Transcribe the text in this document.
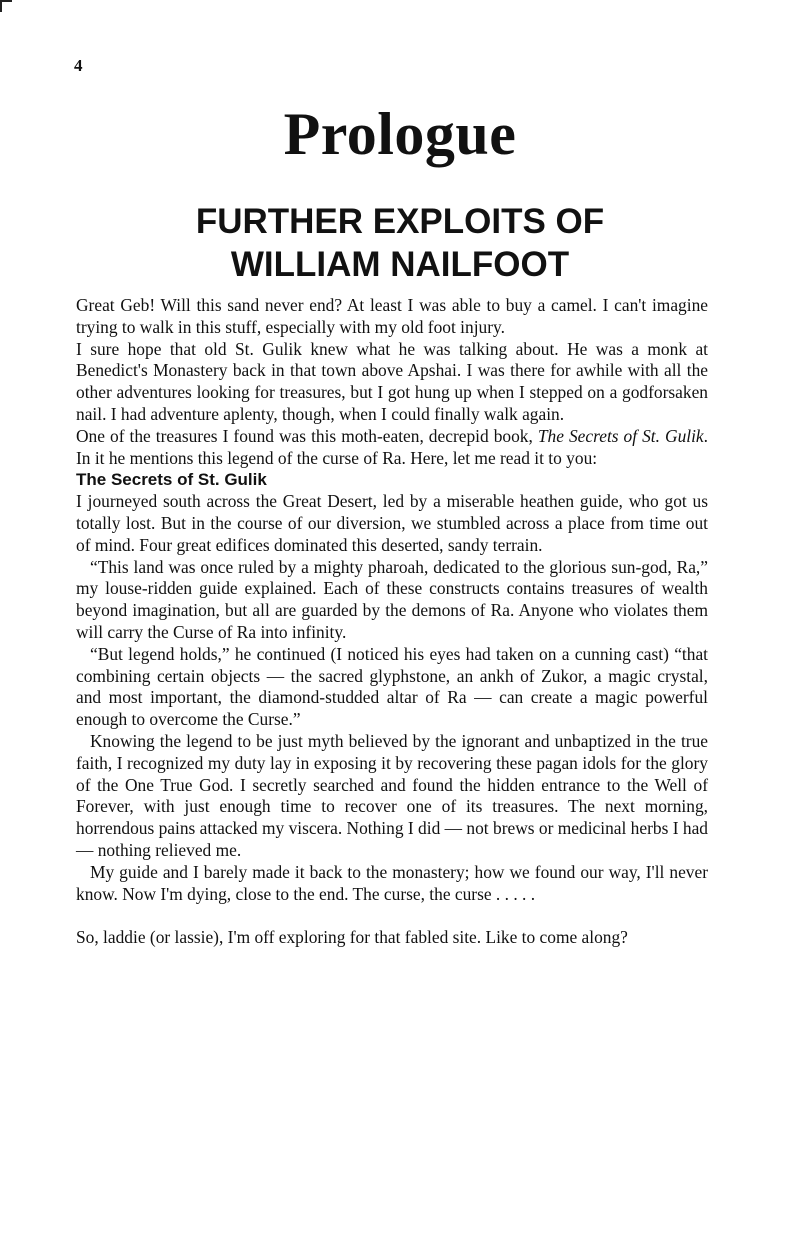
4
Prologue
FURTHER EXPLOITS OF
WILLIAM NAILFOOT

Great Geb! Will this sand never end? At least I was able to buy a camel. I can't imagine trying to walk in this stuff, especially with my old foot injury.

I sure hope that old St. Gulik knew what he was talking about. He was a monk at Benedict's Monastery back in that town above Apshai. I was there for awhile with all the other adventures looking for treasures, but I got hung up when I stepped on a godforsaken nail. I had adventure aplenty, though, when I could finally walk again.

One of the treasures I found was this moth-eaten, decrepid book, The Secrets of St. Gulik. In it he mentions this legend of the curse of Ra. Here, let me read it to you:

The Secrets of St. Gulik

I journeyed south across the Great Desert, led by a miserable heathen guide, who got us totally lost. But in the course of our diversion, we stumbled across a place from time out of mind. Four great edifices dominated this deserted, sandy terrain.

“This land was once ruled by a mighty pharoah, dedicated to the glorious sun-god, Ra,” my louse-ridden guide explained. Each of these constructs contains treasures of wealth beyond imagination, but all are guarded by the demons of Ra. Anyone who violates them will carry the Curse of Ra into infinity.

“But legend holds,” he continued (I noticed his eyes had taken on a cunning cast) “that combining certain objects — the sacred glyphstone, an ankh of Zukor, a magic crystal, and most important, the diamond-studded altar of Ra — can create a magic powerful enough to overcome the Curse.”

Knowing the legend to be just myth believed by the ignorant and unbaptized in the true faith, I recognized my duty lay in exposing it by recovering these pagan idols for the glory of the One True God. I secretly searched and found the hidden entrance to the Well of Forever, with just enough time to recover one of its treasures. The next morning, horrendous pains attacked my viscera. Nothing I did — not brews or medicinal herbs I had — nothing relieved me.

My guide and I barely made it back to the monastery; how we found our way, I'll never know. Now I'm dying, close to the end. The curse, the curse . . . . .

So, laddie (or lassie), I'm off exploring for that fabled site. Like to come along?
